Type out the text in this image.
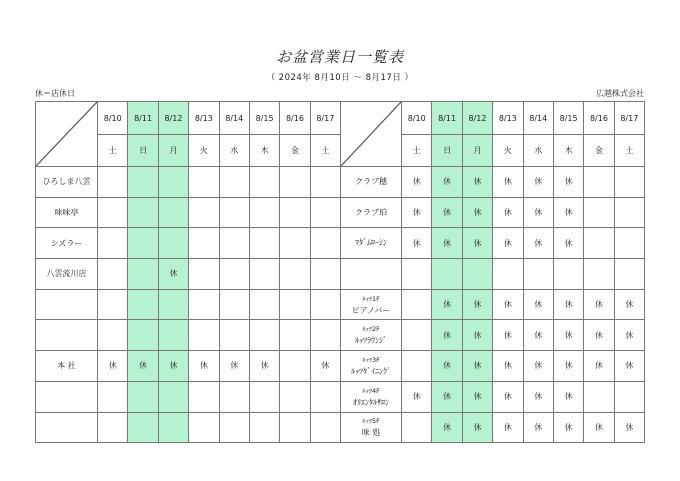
お盆営業日一覧表
（ 2024年 8月10日 〜 8月17日 ）
休＝店休日	広越株式会社
	8/10	8/11	8/12	8/13	8/14	8/15	8/16	8/17
	土	日	月	火	水	木	金	土
ひろしま八雲								
味味亭								
シズラー								
八雲流川店			休					

本 社	休	休	休	休	休	休		休

	8/10	8/11	8/12	8/13	8/14	8/15	8/16	8/17
	土	日	月	火	水	木	金	土

クラブ穂	休	休	休	休	休	休		

クラブ珀	休	休	休	休	休	休		

ﾏﾀﾞﾑﾛｰｼﾝ	休	休	休	休	休	休		

ﾙｯﾂ1F
ピアノバー		休	休	休	休	休	休	休

ﾙｯﾂ2F
ﾙｯﾂﾗｳﾝｼﾞ		休	休	休	休	休	休	休

ﾙｯﾂ3F
ﾙｯﾂﾀﾞｲﾆﾝｸﾞ		休	休	休	休	休	休	休

ﾙｯﾂ4F
ｵﾘｴﾝﾀﾙｻﾛﾝ	休	休	休	休	休	休		

ﾙｯﾂ5F
味 処		休	休	休	休	休	休	休
